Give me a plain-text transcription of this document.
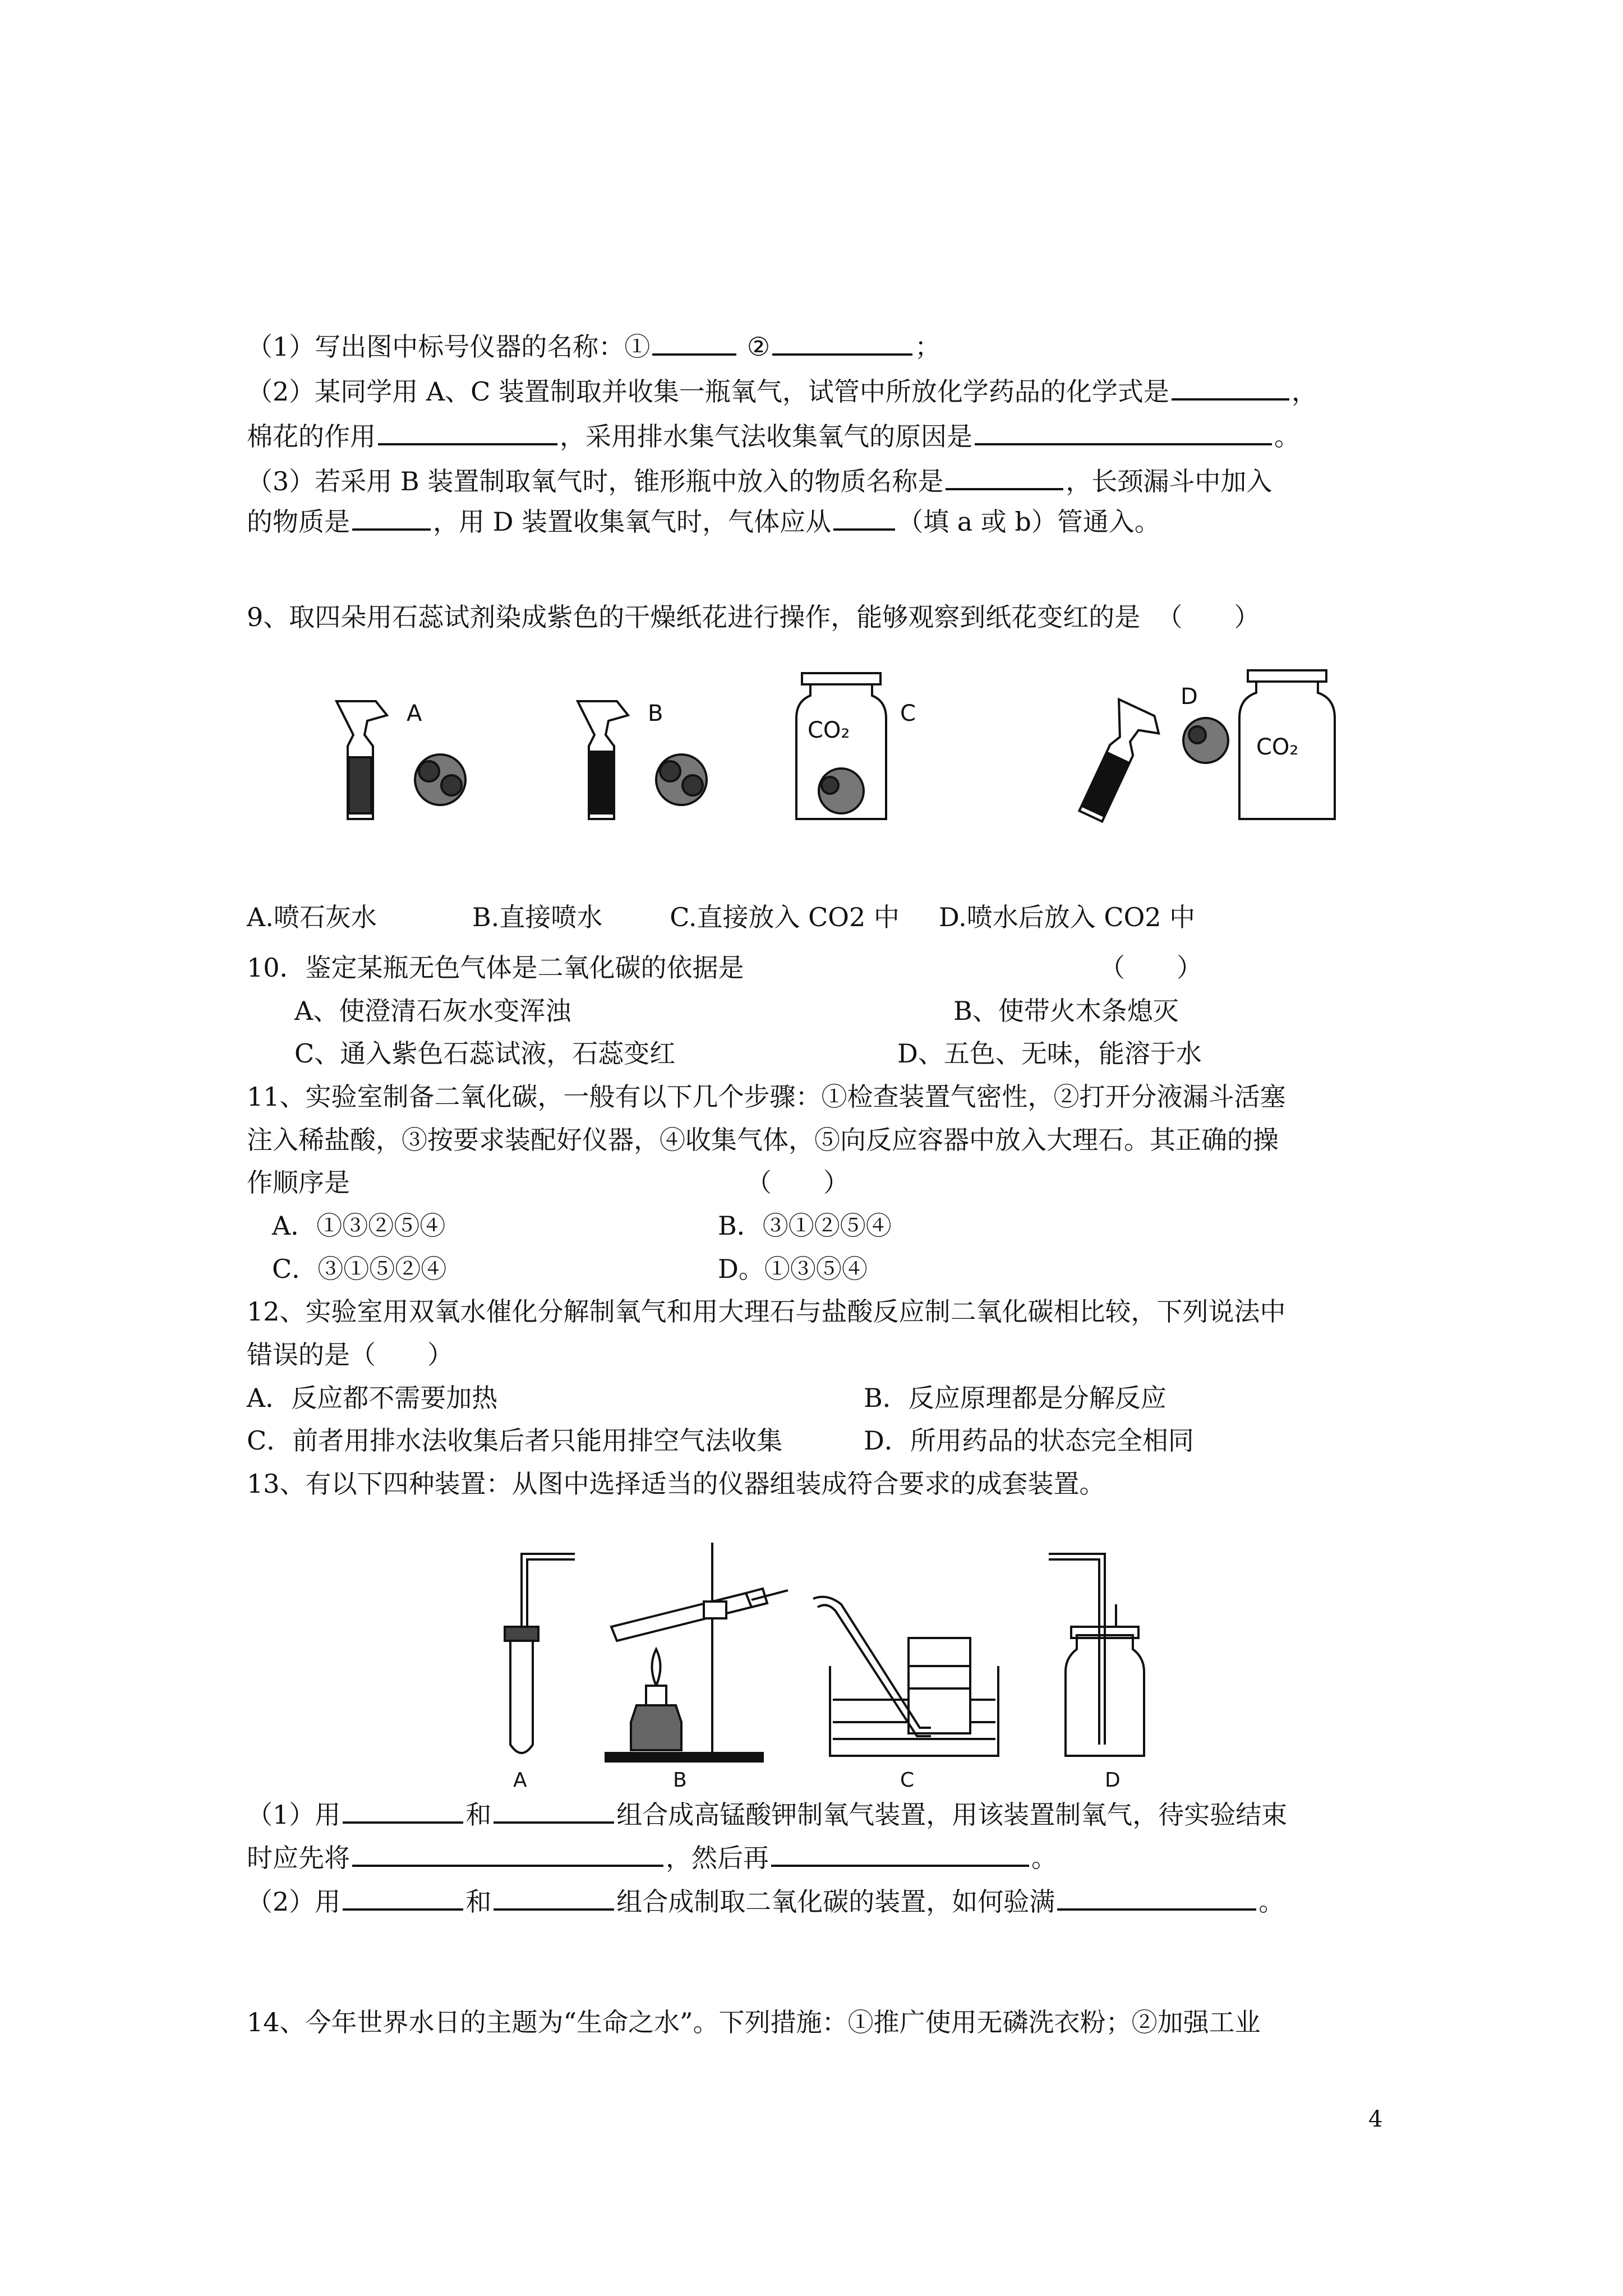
（1）写出图中标号仪器的名称：①	②	；
（2）某同学用 A、C 装置制取并收集一瓶氧气，试管中所放化学药品的化学式是	，
棉花的作用	，采用排水集气法收集氧气的原因是	。
（3）若采用 B 装置制取氧气时，锥形瓶中放入的物质名称是	，长颈漏斗中加入
的物质是	，用 D 装置收集氧气时，气体应从	（填 a 或 b）管通入。
9、取四朵用石蕊试剂染成紫色的干燥纸花进行操作，能够观察到纸花变红的是 （　　）
A	B
CO₂
C
D
CO₂
A.喷石灰水	B.直接喷水	C.直接放入 CO2 中 D.喷水后放入 CO2 中
10．鉴定某瓶无色气体是二氧化碳的依据是	（　　）
A、使澄清石灰水变浑浊	B、使带火木条熄灭
C、通入紫色石蕊试液，石蕊变红	D、五色、无味，能溶于水
11、实验室制备二氧化碳，一般有以下几个步骤：①检查装置气密性，②打开分液漏斗活塞
注入稀盐酸，③按要求装配好仪器，④收集气体，⑤向反应容器中放入大理石。其正确的操
作顺序是	（　　）
A．①③②⑤④	B．③①②⑤④
C．③①⑤②④	D。①③⑤④
12、实验室用双氧水催化分解制氧气和用大理石与盐酸反应制二氧化碳相比较，下列说法中
错误的是（　　）
A．反应都不需要加热	B．反应原理都是分解反应
C．前者用排水法收集后者只能用排空气法收集	D．所用药品的状态完全相同
13、有以下四种装置：从图中选择适当的仪器组装成符合要求的成套装置。
A	B	C	D
（1）用	和	组合成高锰酸钾制氧气装置，用该装置制氧气，待实验结束
时应先将	，然后再	。
（2）用	和	组合成制取二氧化碳的装置，如何验满	。
14、今年世界水日的主题为“生命之水”。下列措施：①推广使用无磷洗衣粉；②加强工业
4
